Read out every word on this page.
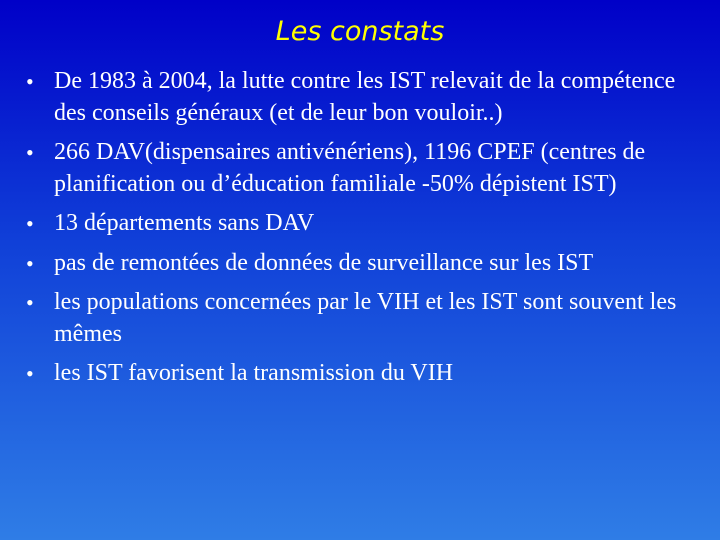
Les constats
• De 1983 à 2004, la lutte contre les IST relevait de la compétence des conseils généraux (et de leur bon vouloir..)
• 266 DAV(dispensaires antivénériens), 1196 CPEF (centres de planification ou d’éducation familiale -50% dépistent IST)
• 13 départements sans DAV
• pas de remontées de données de surveillance sur les IST
• les populations concernées par le VIH et les IST sont souvent les mêmes
• les IST favorisent la transmission du VIH
